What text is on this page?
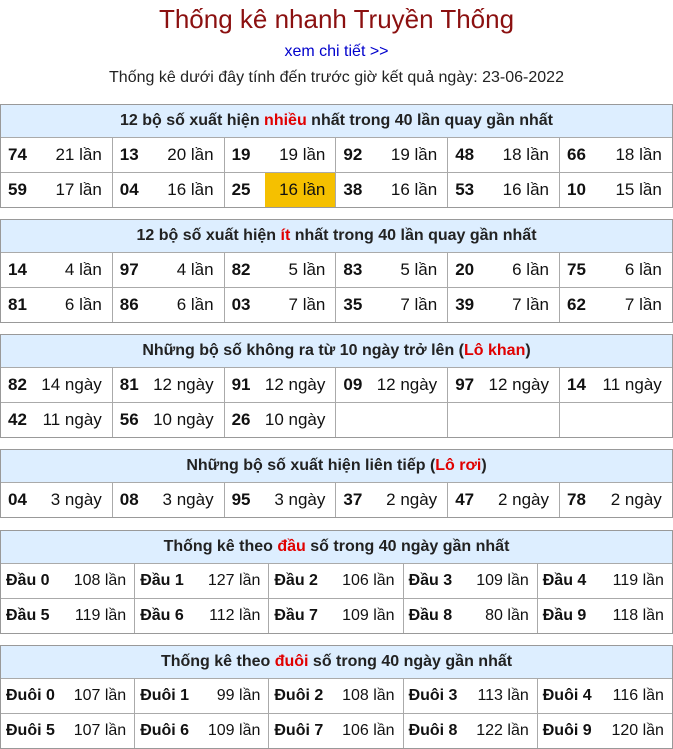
Thống kê nhanh Truyền Thống
xem chi tiết >>
Thống kê dưới đây tính đến trước giờ kết quả ngày: 23-06-2022
12 bộ số xuất hiện nhiều nhất trong 40 lần quay gần nhất
74	21 lần	13	20 lần	19	19 lần	92	19 lần	48	18 lần	66	18 lần
59	17 lần	04	16 lần	25	16 lần	38	16 lần	53	16 lần	10	15 lần
12 bộ số xuất hiện ít nhất trong 40 lần quay gần nhất
14	4 lần	97	4 lần	82	5 lần	83	5 lần	20	6 lần	75	6 lần
81	6 lần	86	6 lần	03	7 lần	35	7 lần	39	7 lần	62	7 lần
Những bộ số không ra từ 10 ngày trở lên (Lô khan)
82 14 ngày	81 12 ngày	91 12 ngày	09 12 ngày	97 12 ngày	14 11 ngày
42 11 ngày	56 10 ngày	26 10 ngày
Những bộ số xuất hiện liên tiếp (Lô rơi)
04	3 ngày	08	3 ngày	95	3 ngày	37	2 ngày	47	2 ngày	78	2 ngày
Thống kê theo đầu số trong 40 ngày gần nhất
Đầu 0	108 lần Đầu 1	127 lần Đầu 2	106 lần Đầu 3	109 lần Đầu 4	119 lần
Đầu 5	119 lần Đầu 6	112 lần Đầu 7	109 lần Đầu 8	80 lần Đầu 9	118 lần
Thống kê theo đuôi số trong 40 ngày gần nhất
Đuôi 0	107 lần Đuôi 1	99 lần Đuôi 2	108 lần Đuôi 3	113 lần Đuôi 4	116 lần
Đuôi 5	107 lần Đuôi 6	109 lần Đuôi 7	106 lần Đuôi 8	122 lần Đuôi 9	120 lần
